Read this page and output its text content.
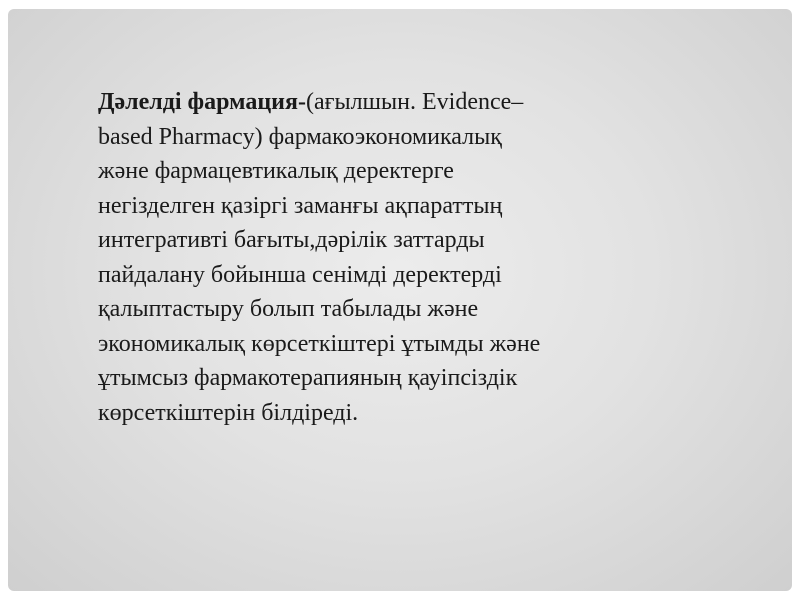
Дәлелді фармация-(ағылшын. Evidence–
based Pharmacy) фармакоэкономикалық
және фармацевтикалық деректерге
негізделген қазіргі заманғы ақпараттың
интегративті бағыты,дәрілік заттарды
пайдалану бойынша сенімді деректерді
қалыптастыру болып табылады және
экономикалық көрсеткіштері ұтымды және
ұтымсыз фармакотерапияның қауіпсіздік
көрсеткіштерін білдіреді.
